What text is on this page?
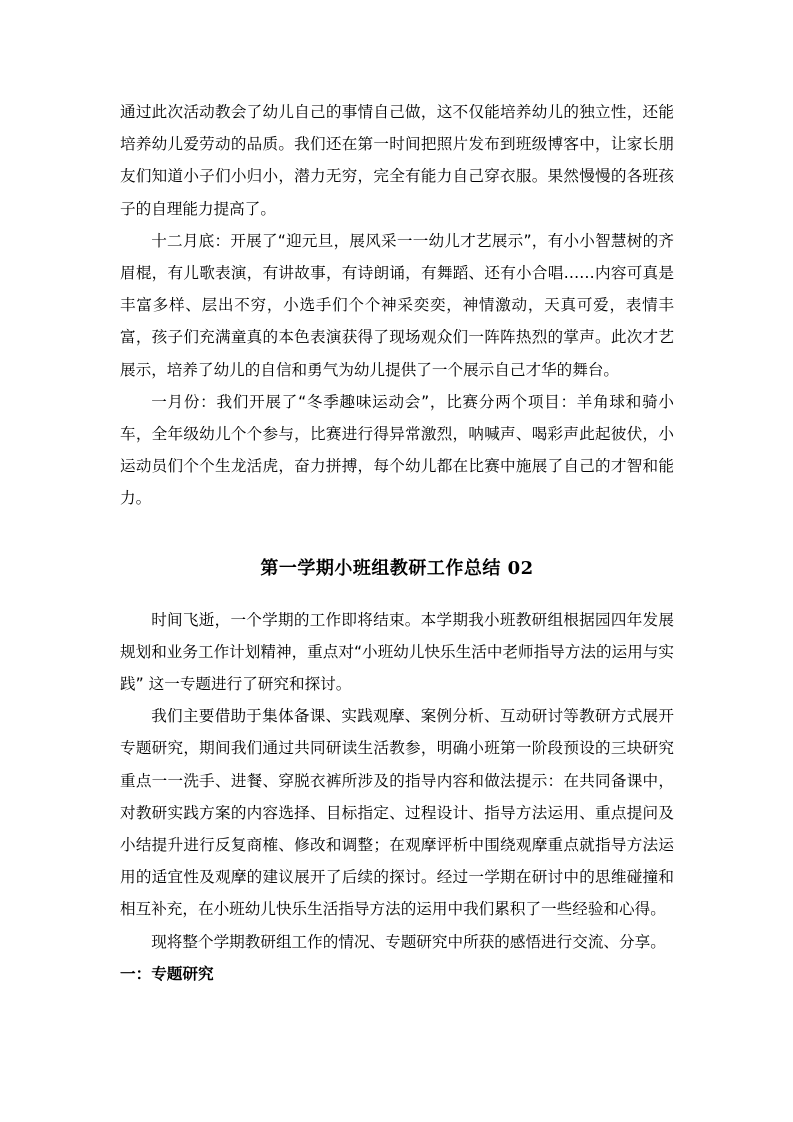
通过此次活动教会了幼儿自己的事情自己做，这不仅能培养幼儿的独立性，还能培养幼儿爱劳动的品质。我们还在第一时间把照片发布到班级博客中，让家长朋友们知道小子们小归小，潜力无穷，完全有能力自己穿衣服。果然慢慢的各班孩子的自理能力提高了。

十二月底：开展了“迎元旦，展风采一一幼儿才艺展示”，有小小智慧树的齐眉棍，有儿歌表演，有讲故事，有诗朗诵，有舞蹈、还有小合唱……内容可真是丰富多样、层出不穷，小选手们个个神采奕奕，神情激动，天真可爱，表情丰富，孩子们充满童真的本色表演获得了现场观众们一阵阵热烈的掌声。此次才艺展示，培养了幼儿的自信和勇气为幼儿提供了一个展示自己才华的舞台。

一月份：我们开展了“冬季趣味运动会”，比赛分两个项目：羊角球和骑小车，全年级幼儿个个参与，比赛进行得异常激烈，呐喊声、喝彩声此起彼伏，小运动员们个个生龙活虎，奋力拼搏，每个幼儿都在比赛中施展了自己的才智和能力。

第一学期小班组教研工作总结 02

时间飞逝，一个学期的工作即将结束。本学期我小班教研组根据园四年发展规划和业务工作计划精神，重点对“小班幼儿快乐生活中老师指导方法的运用与实践” 这一专题进行了研究和探讨。

我们主要借助于集体备课、实践观摩、案例分析、互动研讨等教研方式展开专题研究，期间我们通过共同研读生活教参，明确小班第一阶段预设的三块研究重点一一洗手、进餐、穿脱衣裤所涉及的指导内容和做法提示：在共同备课中，对教研实践方案的内容选择、目标指定、过程设计、指导方法运用、重点提问及小结提升进行反复商榷、修改和调整；在观摩评析中围绕观摩重点就指导方法运用的适宜性及观摩的建议展开了后续的探讨。经过一学期在研讨中的思维碰撞和相互补充，在小班幼儿快乐生活指导方法的运用中我们累积了一些经验和心得。

现将整个学期教研组工作的情况、专题研究中所获的感悟进行交流、分享。

一：专题研究
